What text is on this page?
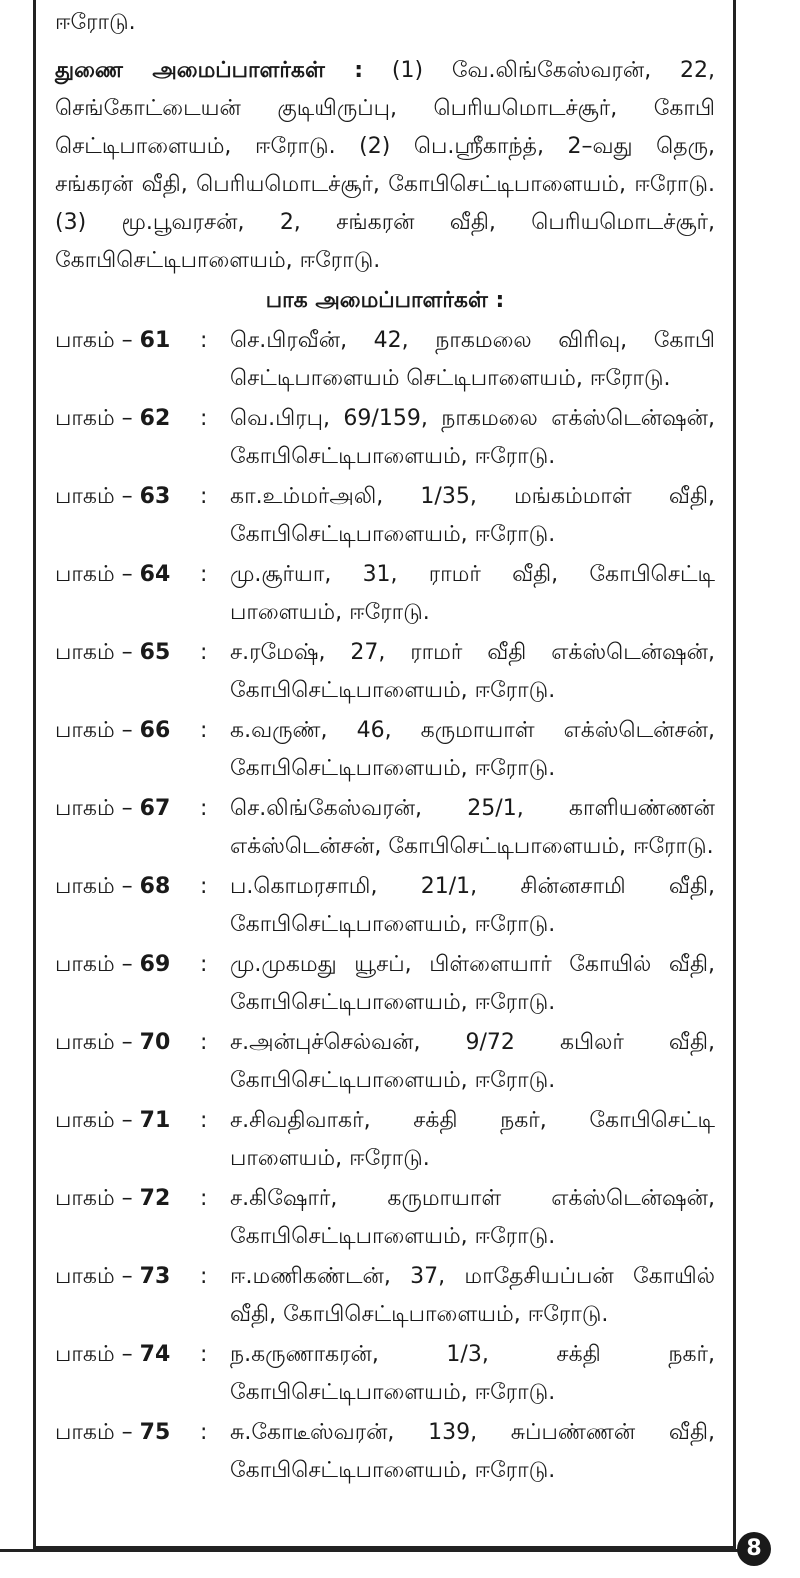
8
ஈரோடு.

துணை அமைப்பாளர்கள் : (1) வே.லிங்கேஸ்வரன், 22, செங்கோட்டையன் குடியிருப்பு, பெரியமொடச்சூர், கோபி செட்டிபாளையம், ஈரோடு. (2) பெ.ஸ்ரீகாந்த், 2–வது தெரு, சங்கரன் வீதி, பெரியமொடச்சூர், கோபிசெட்டிபாளையம், ஈரோடு. (3) மூ.பூவரசன், 2, சங்கரன் வீதி, பெரியமொடச்சூர், கோபிசெட்டிபாளையம், ஈரோடு.

பாக அமைப்பாளர்கள் :
பாகம் – 61	:	செ.பிரவீன், 42, நாகமலை விரிவு, கோபி செட்டிபாளையம் செட்டிபாளையம், ஈரோடு.
பாகம் – 62	:	வெ.பிரபு, 69/159, நாகமலை எக்ஸ்டென்ஷன், கோபிசெட்டிபாளையம், ஈரோடு.
பாகம் – 63	:	கா.உம்மர்அலி, 1/35, மங்கம்மாள் வீதி, கோபிசெட்டிபாளையம், ஈரோடு.
பாகம் – 64	:	மு.சூர்யா, 31, ராமர் வீதி, கோபிசெட்டி பாளையம், ஈரோடு.
பாகம் – 65	:	ச.ரமேஷ், 27, ராமர் வீதி எக்ஸ்டென்ஷன், கோபிசெட்டிபாளையம், ஈரோடு.
பாகம் – 66	:	க.வருண், 46, கருமாயாள் எக்ஸ்டென்சன், கோபிசெட்டிபாளையம், ஈரோடு.
பாகம் – 67	:	செ.லிங்கேஸ்வரன், 25/1, காளியண்ணன் எக்ஸ்டென்சன், கோபிசெட்டிபாளையம், ஈரோடு.
பாகம் – 68	:	ப.கொமரசாமி, 21/1, சின்னசாமி வீதி, கோபிசெட்டிபாளையம், ஈரோடு.
பாகம் – 69	:	மு.முகமது யூசப், பிள்ளையார் கோயில் வீதி, கோபிசெட்டிபாளையம், ஈரோடு.
பாகம் – 70	:	ச.அன்புச்செல்வன், 9/72 கபிலர் வீதி, கோபிசெட்டிபாளையம், ஈரோடு.
பாகம் – 71	:	ச.சிவதிவாகர், சக்தி நகர், கோபிசெட்டி பாளையம், ஈரோடு.
பாகம் – 72	:	ச.கிஷோர், கருமாயாள் எக்ஸ்டென்ஷன், கோபிசெட்டிபாளையம், ஈரோடு.
பாகம் – 73	:	ஈ.மணிகண்டன், 37, மாதேசியப்பன் கோயில் வீதி, கோபிசெட்டிபாளையம், ஈரோடு.
பாகம் – 74	:	ந.கருணாகரன், 1/3, சக்தி நகர், கோபிசெட்டிபாளையம், ஈரோடு.
பாகம் – 75	:	சு.கோடீஸ்வரன், 139, சுப்பண்ணன் வீதி, கோபிசெட்டிபாளையம், ஈரோடு.
